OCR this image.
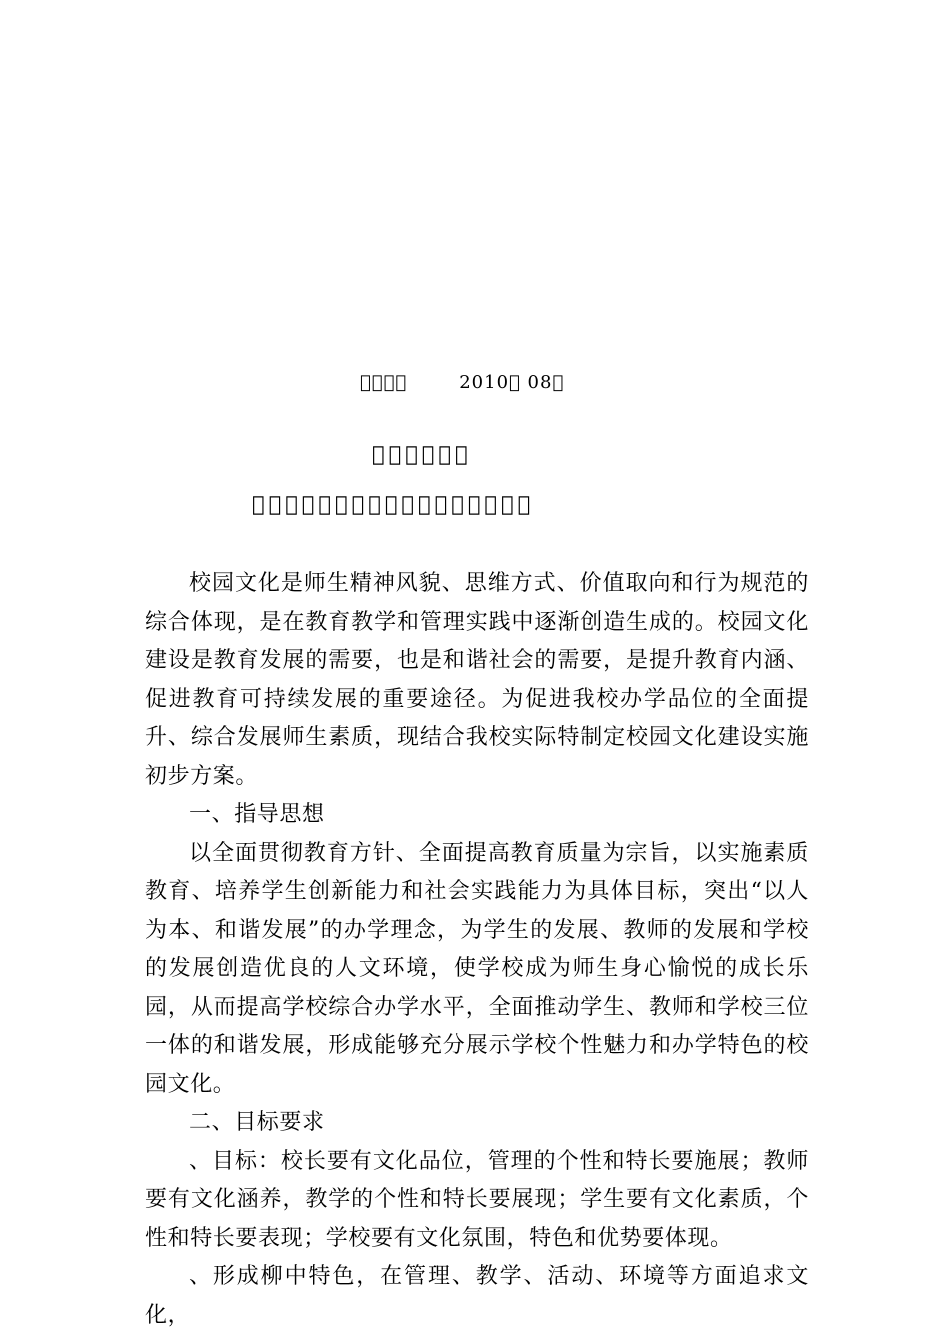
􀀀􀀀􀀀􀀀	2010􀀀 08􀀀
􀀀􀀀􀀀􀀀􀀀􀀀
􀀀􀀀􀀀􀀀􀀀􀀀􀀀􀀀􀀀􀀀􀀀􀀀􀀀􀀀􀀀􀀀􀀀

校园文化是师生精神风貌、思维方式、价值取向和行为规范的综合体现，是在教育教学和管理实践中逐渐创造生成的。校园文化建设是教育发展的需要，也是和谐社会的需要，是提升教育内涵、促进教育可持续发展的重要途径。为促进我校办学品位的全面提升、综合发展师生素质，现结合我校实际特制定校园文化建设实施初步方案。

一、指导思想

以全面贯彻教育方针、全面提高教育质量为宗旨，以实施素质教育、培养学生创新能力和社会实践能力为具体目标，突出“以人为本、和谐发展”的办学理念，为学生的发展、教师的发展和学校的发展创造优良的人文环境，使学校成为师生身心愉悦的成长乐园，从而提高学校综合办学水平，全面推动学生、教师和学校三位一体的和谐发展，形成能够充分展示学校个性魅力和办学特色的校园文化。

二、目标要求

、目标：校长要有文化品位，管理的个性和特长要施展；教师要有文化涵养，教学的个性和特长要展现；学生要有文化素质，个性和特长要表现；学校要有文化氛围，特色和优势要体现。

、形成柳中特色，在管理、教学、活动、环境等方面追求文化，
